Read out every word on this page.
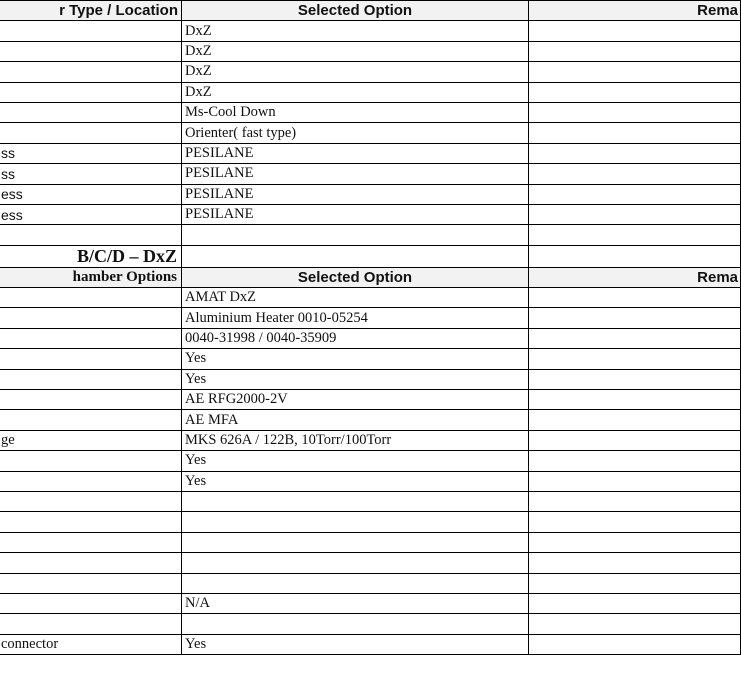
r Type / Location	Selected Option	Rema
	DxZ	
	DxZ	
	DxZ	
	DxZ	
	Ms-Cool Down	
	Orienter( fast type)	
ss	PESILANE	
ss	PESILANE	
ess	PESILANE	
ess	PESILANE	

B/C/D – DxZ		
hamber Options	Selected Option	Rema
	AMAT DxZ	
	Aluminium Heater 0010-05254	
	0040-31998 / 0040-35909	
	Yes	
	Yes	
	AE RFG2000-2V	
	AE MFA	
ge	MKS 626A / 122B, 10Torr/100Torr	
	Yes	
	Yes	

	N/A	

connector	Yes	
